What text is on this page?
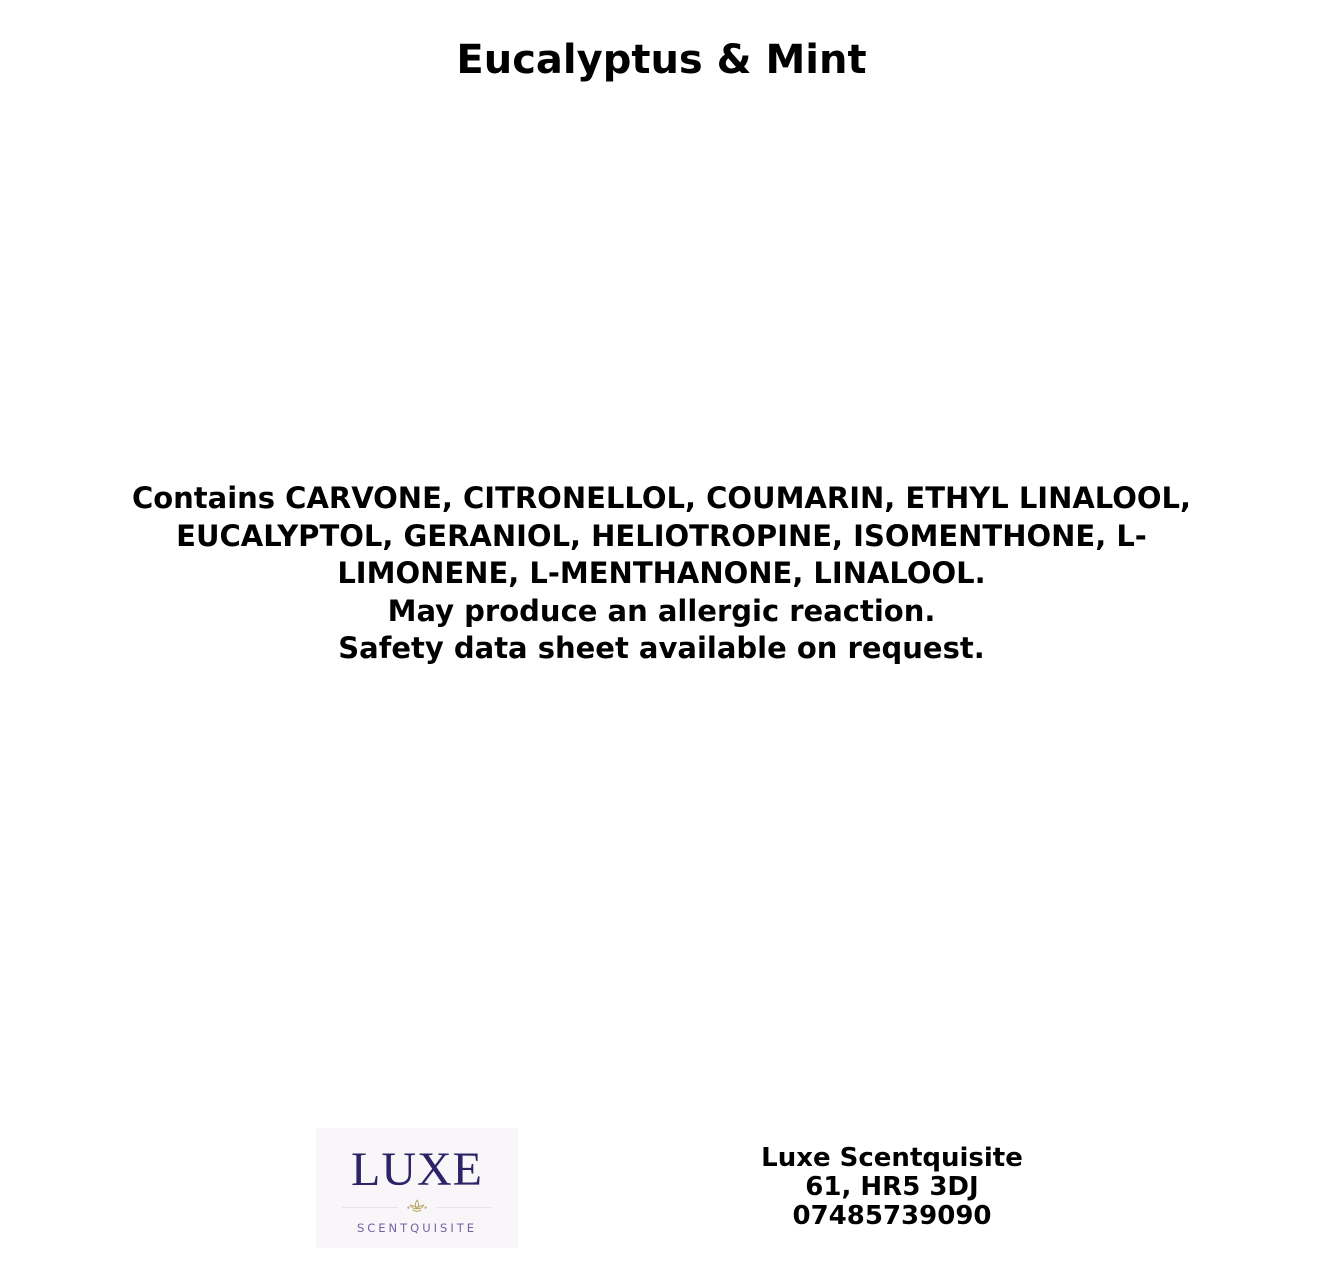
Eucalyptus & Mint
Contains CARVONE, CITRONELLOL, COUMARIN, ETHYL LINALOOL,
EUCALYPTOL, GERANIOL, HELIOTROPINE, ISOMENTHONE, L-
LIMONENE, L-MENTHANONE, LINALOOL.
May produce an allergic reaction.
Safety data sheet available on request.
LUXE
SCENTQUISITE
Luxe Scentquisite
61, HR5 3DJ
07485739090
